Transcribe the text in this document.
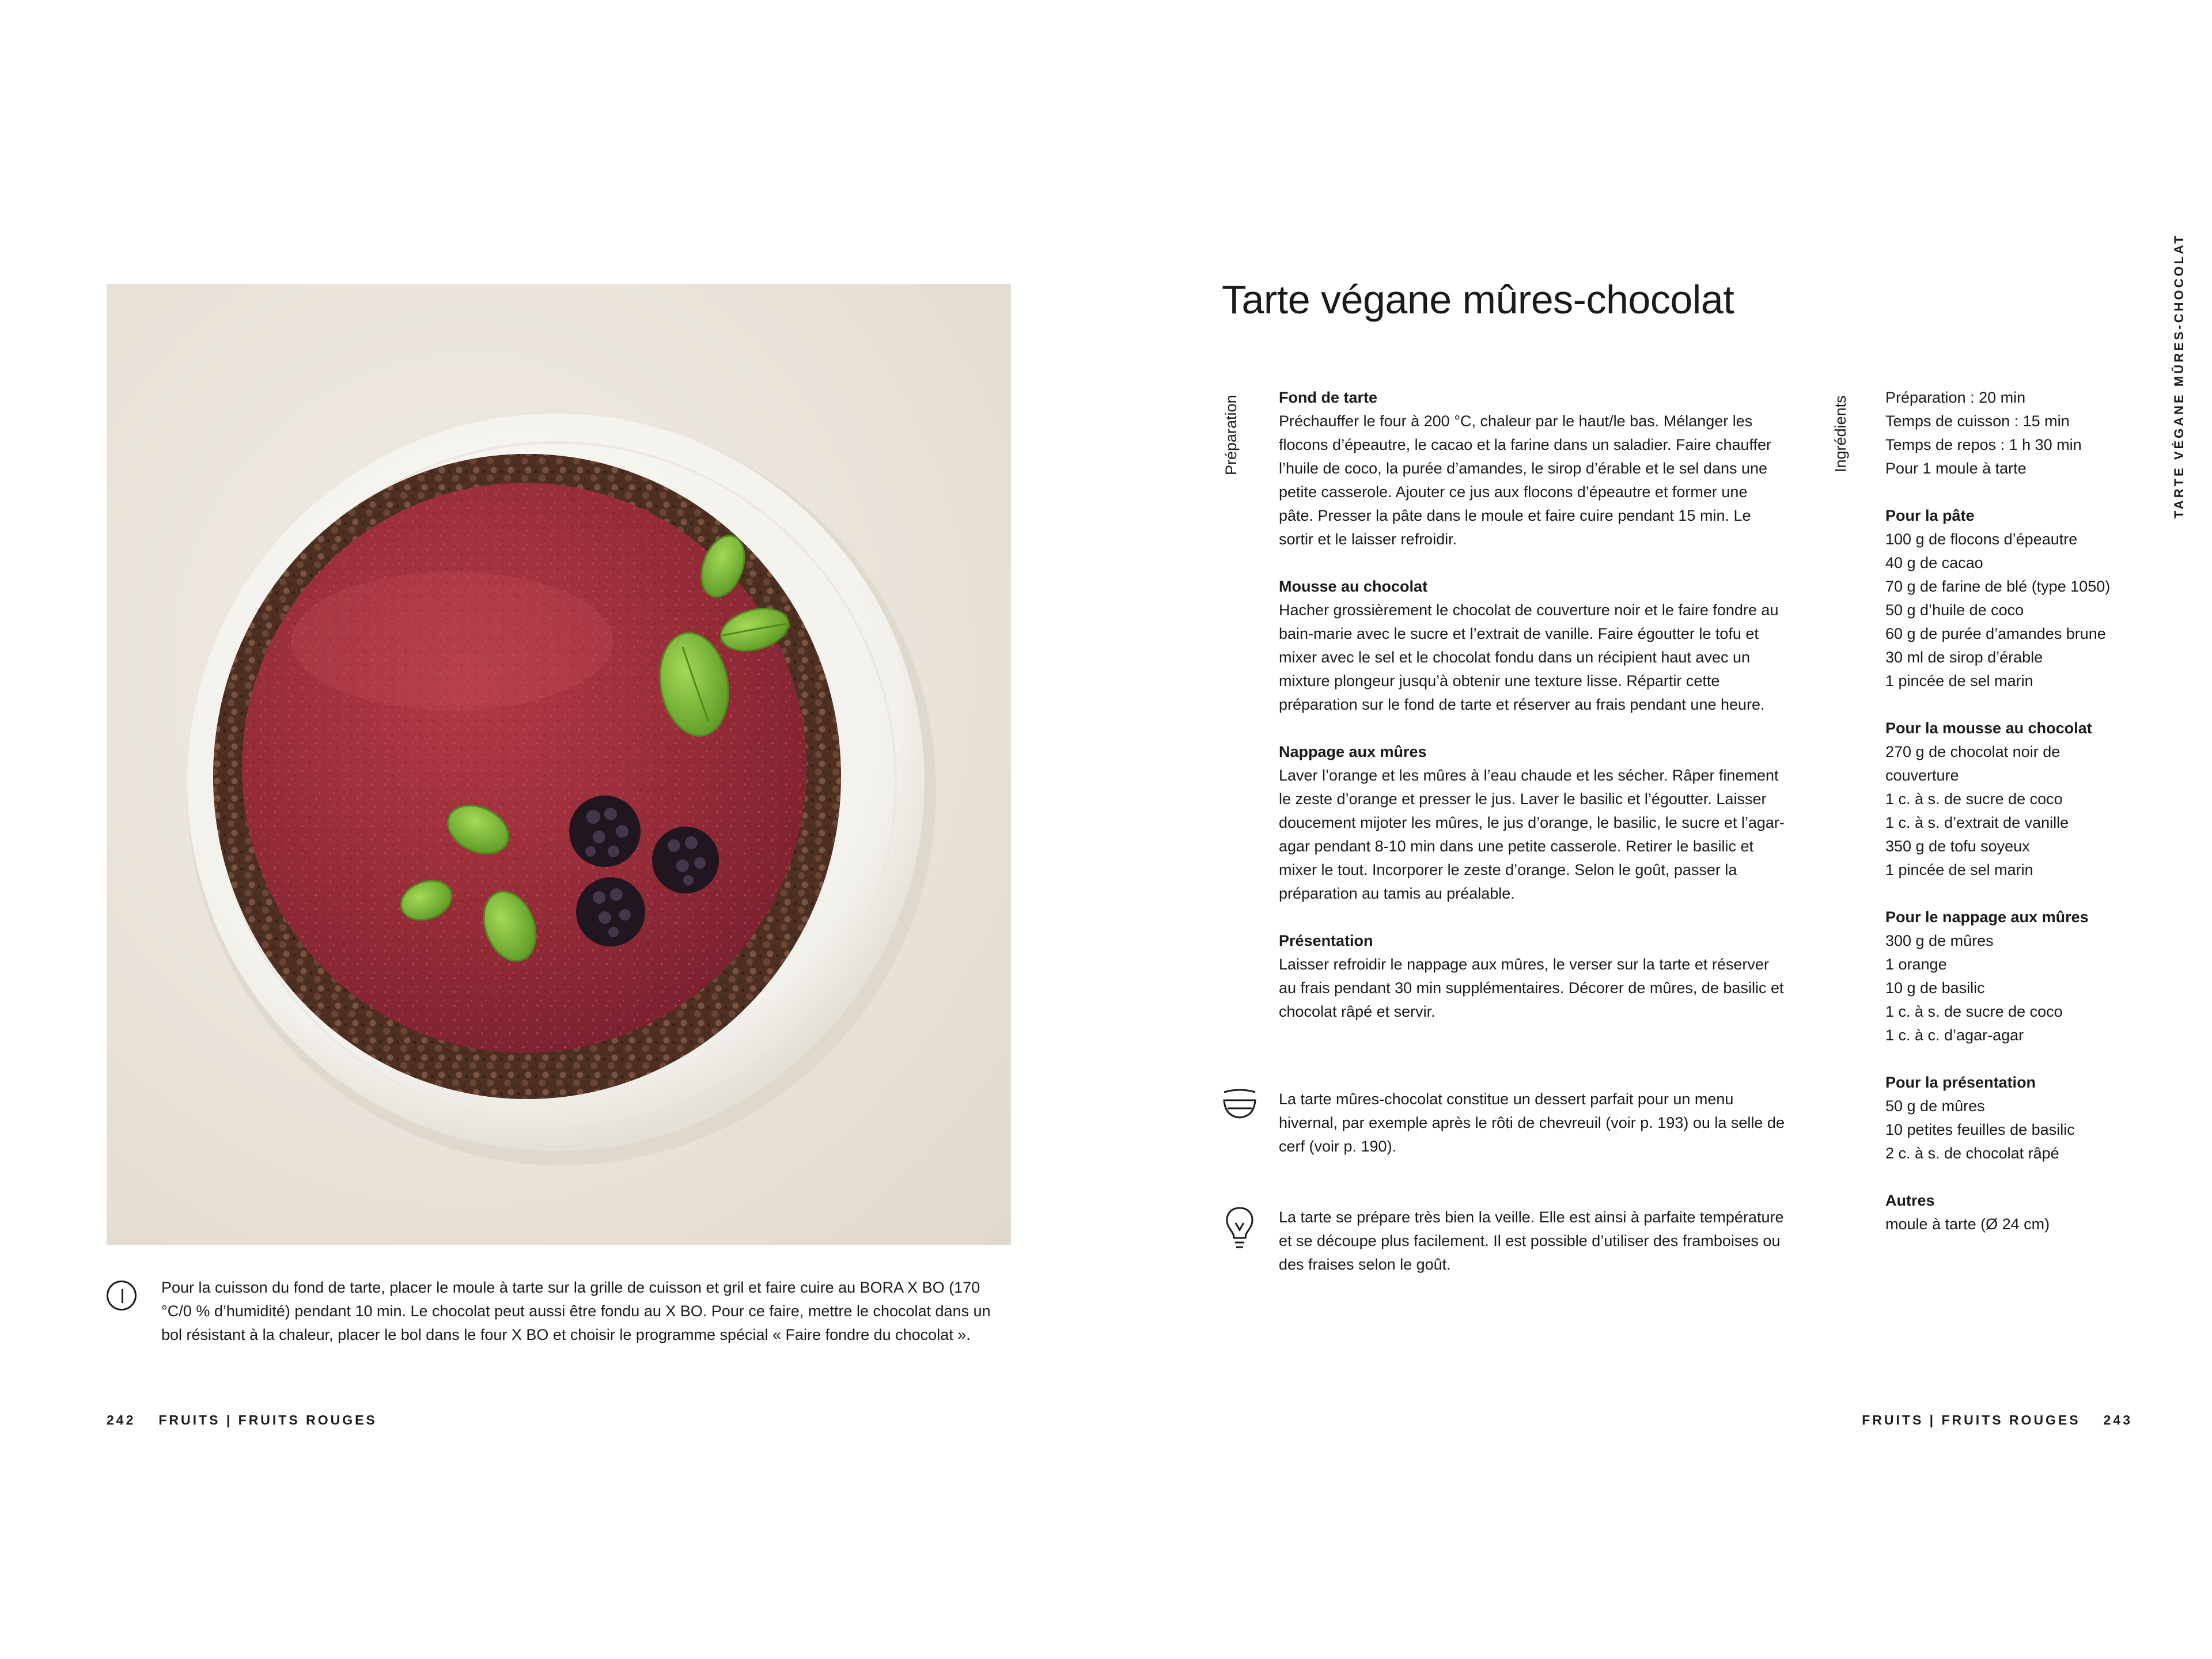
Pour la cuisson du fond de tarte, placer le moule à tarte sur la grille de cuisson et gril et faire cuire au BORA X BO (170 °C/0 % d’humidité) pendant 10 min. Le chocolat peut aussi être fondu au X BO. Pour ce faire, mettre le chocolat dans un bol résistant à la chaleur, placer le bol dans le four X BO et choisir le programme spécial « Faire fondre du chocolat ».

242 FRUITS | FRUITS ROUGES
Tarte végane mûres-chocolat	TARTE VÉGANE MÛRES-CHOCOLAT
Préparation	Ingrédients
Fond de tarte

Préchauffer le four à 200 °C, chaleur par le haut/le bas. Mélanger les flocons d’épeautre, le cacao et la farine dans un saladier. Faire chauffer l’huile de coco, la purée d’amandes, le sirop d’érable et le sel dans une petite casserole. Ajouter ce jus aux flocons d’épeautre et former une pâte. Presser la pâte dans le moule et faire cuire pendant 15 min. Le sortir et le laisser refroidir.

Mousse au chocolat

Hacher grossièrement le chocolat de couverture noir et le faire fondre au bain-marie avec le sucre et l’extrait de vanille. Faire égoutter le tofu et mixer avec le sel et le chocolat fondu dans un récipient haut avec un mixture plongeur jusqu’à obtenir une texture lisse. Répartir cette préparation sur le fond de tarte et réserver au frais pendant une heure.

Nappage aux mûres

Laver l’orange et les mûres à l’eau chaude et les sécher. Râper finement le zeste d’orange et presser le jus. Laver le basilic et l’égoutter. Laisser doucement mijoter les mûres, le jus d’orange, le basilic, le sucre et l’agar-agar pendant 8-10 min dans une petite casserole. Retirer le basilic et mixer le tout. Incorporer le zeste d’orange. Selon le goût, passer la préparation au tamis au préalable.

Présentation

Laisser refroidir le nappage aux mûres, le verser sur la tarte et réserver au frais pendant 30 min supplémentaires. Décorer de mûres, de basilic et chocolat râpé et servir.

La tarte mûres-chocolat constitue un dessert parfait pour un menu hivernal, par exemple après le rôti de chevreuil (voir p. 193) ou la selle de cerf (voir p. 190).

La tarte se prépare très bien la veille. Elle est ainsi à parfaite température et se découpe plus facilement. Il est possible d’utiliser des framboises ou des fraises selon le goût.

Préparation : 20 min
Temps de cuisson : 15 min
Temps de repos : 1 h 30 min
Pour 1 moule à tarte
Pour la pâte
100 g de flocons d’épeautre
40 g de cacao
70 g de farine de blé (type 1050)
50 g d’huile de coco
60 g de purée d’amandes brune
30 ml de sirop d’érable
1 pincée de sel marin
Pour la mousse au chocolat
270 g de chocolat noir de
couverture
1 c. à s. de sucre de coco
1 c. à s. d’extrait de vanille
350 g de tofu soyeux
1 pincée de sel marin
Pour le nappage aux mûres
300 g de mûres
1 orange
10 g de basilic
1 c. à s. de sucre de coco
1 c. à c. d’agar-agar
Pour la présentation
50 g de mûres
10 petites feuilles de basilic
2 c. à s. de chocolat râpé
Autres
moule à tarte (Ø 24 cm)
FRUITS | FRUITS ROUGES 243
